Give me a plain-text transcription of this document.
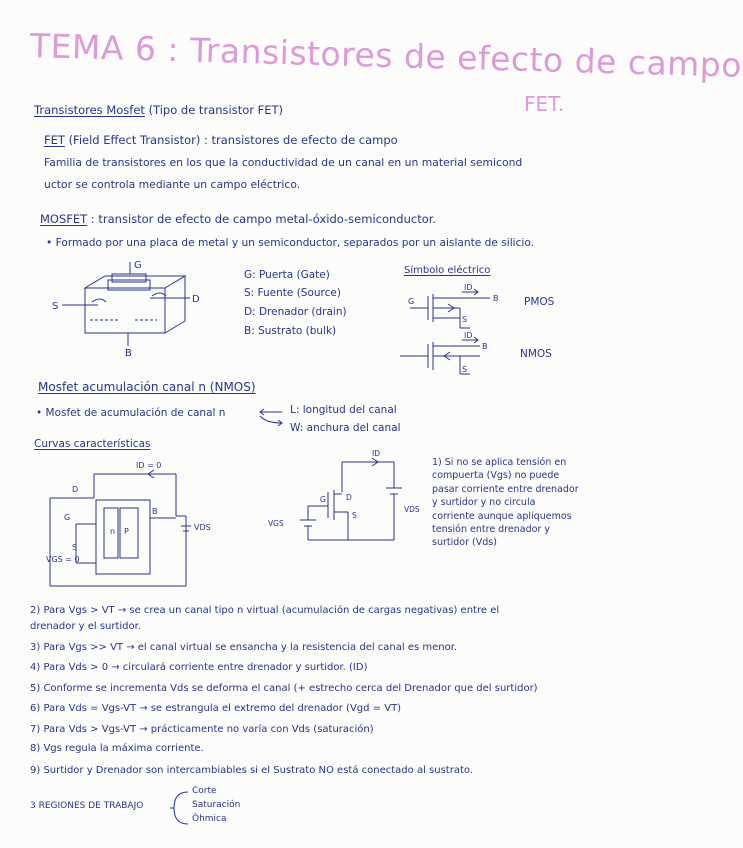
TEMA 6 : Transistores de efecto de campo
FET.
Transistores Mosfet (Tipo de transistor FET)
FET (Field Effect Transistor) : transistores de efecto de campo
Familia de transistores en los que la conductividad de un canal en un material semicond
uctor se controla mediante un campo eléctrico.
MOSFET : transistor de efecto de campo metal-óxido-semiconductor.
• Formado por una placa de metal y un semiconductor, separados por un aislante de silicio.
G
S
D
B
G: Puerta (Gate)
S: Fuente (Source)
D: Drenador (drain)
B: Sustrato (bulk)
Símbolo eléctrico
G
ID
B
S
ID
B
S
PMOS
NMOS
Mosfet acumulación canal n (NMOS)
• Mosfet de acumulación de canal n	L: longitud del canal
W: anchura del canal
Curvas características
ID = 0
D
G
P
n
B
S
VDS
VGS = 0
ID
G	D
S
VDS
VGS
1) Si no se aplica tensión en compuerta (Vgs) no puede pasar corriente entre drenador y surtidor y no circula corriente aunque apliquemos tensión entre drenador y surtidor (Vds)
2) Para Vgs > VT → se crea un canal tipo n virtual (acumulación de cargas negativas) entre el
drenador y el surtidor.
3) Para Vgs >> VT → el canal virtual se ensancha y la resistencia del canal es menor.
4) Para Vds > 0 → circulará corriente entre drenador y surtidor. (ID)
5) Conforme se incrementa Vds se deforma el canal (+ estrecho cerca del Drenador que del surtidor)
6) Para Vds = Vgs-VT → se estrangula el extremo del drenador (Vgd = VT)
7) Para Vds > Vgs-VT → prácticamente no varía con Vds (saturación)
8) Vgs regula la máxima corriente.
9) Surtidor y Drenador son intercambiables si el Sustrato NO está conectado al sustrato.
3 REGIONES DE TRABAJO
Corte
Saturación
Óhmica
